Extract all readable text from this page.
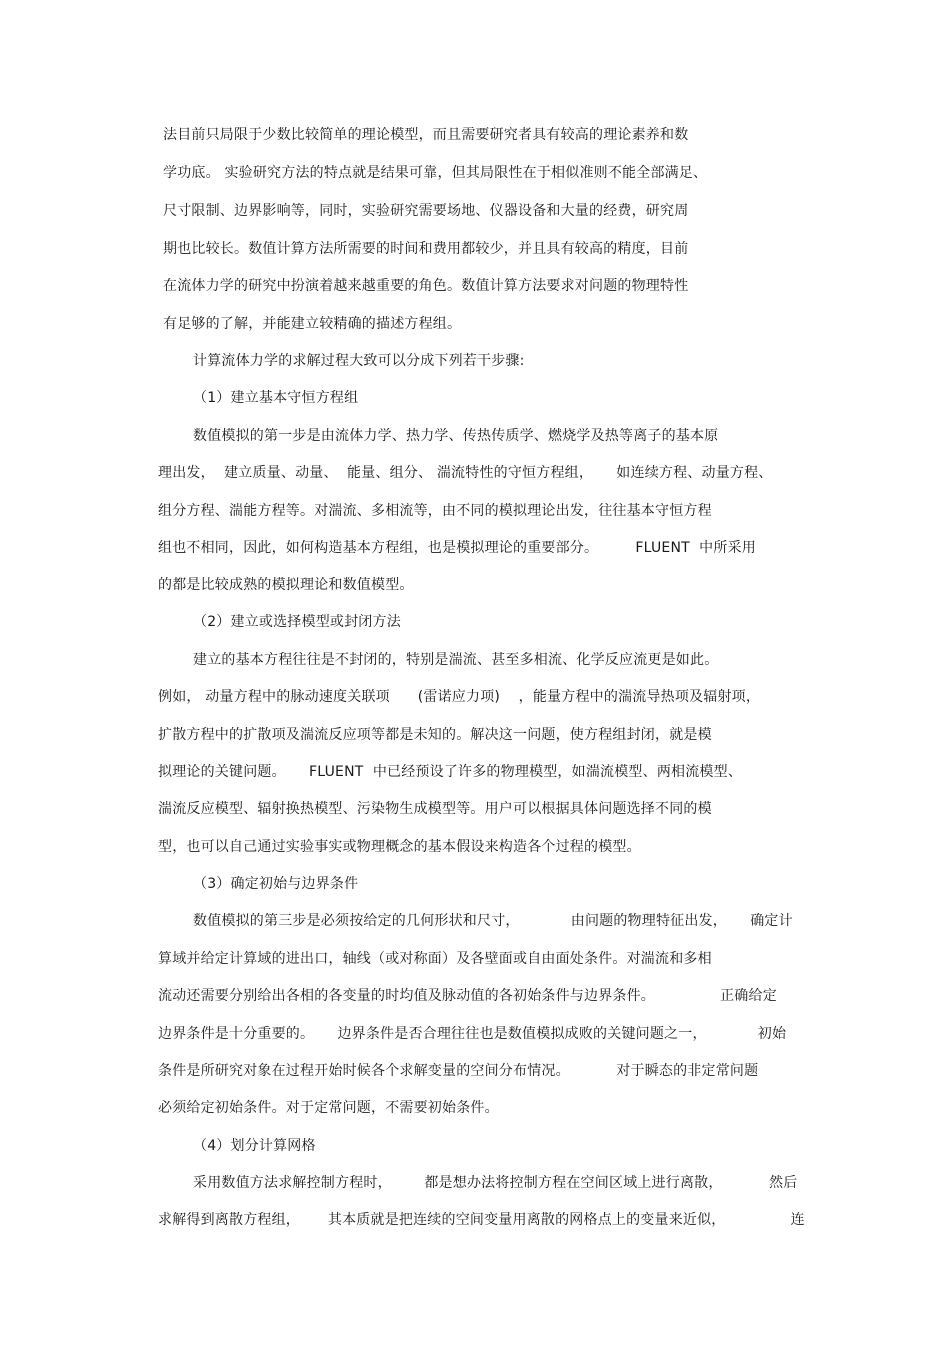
法目前只局限于少数比较简单的理论模型，而且需要研究者具有较高的理论素养和数
学功底。 实验研究方法的特点就是结果可靠，但其局限性在于相似准则不能全部满足、
尺寸限制、边界影响等，同时，实验研究需要场地、仪器设备和大量的经费，研究周
期也比较长。数值计算方法所需要的时间和费用都较少，并且具有较高的精度，目前
在流体力学的研究中扮演着越来越重要的角色。数值计算方法要求对问题的物理特性
有足够的了解，并能建立较精确的描述方程组。
计算流体力学的求解过程大致可以分成下列若干步骤:
（1）建立基本守恒方程组
数值模拟的第一步是由流体力学、热力学、传热传质学、燃烧学及热等离子的基本原
理出发，  建立质量、动量、  能量、组分、 湍流特性的守恒方程组，     如连续方程、动量方程、
组分方程、湍能方程等。对湍流、多相流等，由不同的模拟理论出发，往往基本守恒方程
组也不相同，因此，如何构造基本方程组，也是模拟理论的重要部分。        FLUENT  中所采用
的都是比较成熟的模拟理论和数值模型。
（2）建立或选择模型或封闭方法
建立的基本方程往往是不封闭的，特别是湍流、甚至多相流、化学反应流更是如此。
例如， 动量方程中的脉动速度关联项      (雷诺应力项)    ，能量方程中的湍流导热项及辐射项，
扩散方程中的扩散项及湍流反应项等都是未知的。解决这一问题，使方程组封闭，就是模
拟理论的关键问题。     FLUENT  中已经预设了许多的物理模型，如湍流模型、两相流模型、
湍流反应模型、辐射换热模型、污染物生成模型等。用户可以根据具体问题选择不同的模
型，也可以自己通过实验事实或物理概念的基本假设来构造各个过程的模型。
（3）确定初始与边界条件
数值模拟的第三步是必须按给定的几何形状和尺寸，           由问题的物理特征出发，     确定计
算域并给定计算域的进出口，轴线（或对称面）及各壁面或自由面处条件。对湍流和多相
流动还需要分别给出各相的各变量的时均值及脉动值的各初始条件与边界条件。              正确给定
边界条件是十分重要的。     边界条件是否合理往往也是数值模拟成败的关键问题之一，           初始
条件是所研究对象在过程开始时候各个求解变量的空间分布情况。          对于瞬态的非定常问题
必须给定初始条件。对于定常问题，不需要初始条件。
（4）划分计算网格
采用数值方法求解控制方程时，       都是想办法将控制方程在空间区域上进行离散，          然后
求解得到离散方程组，      其本质就是把连续的空间变量用离散的网格点上的变量来近似，              连
